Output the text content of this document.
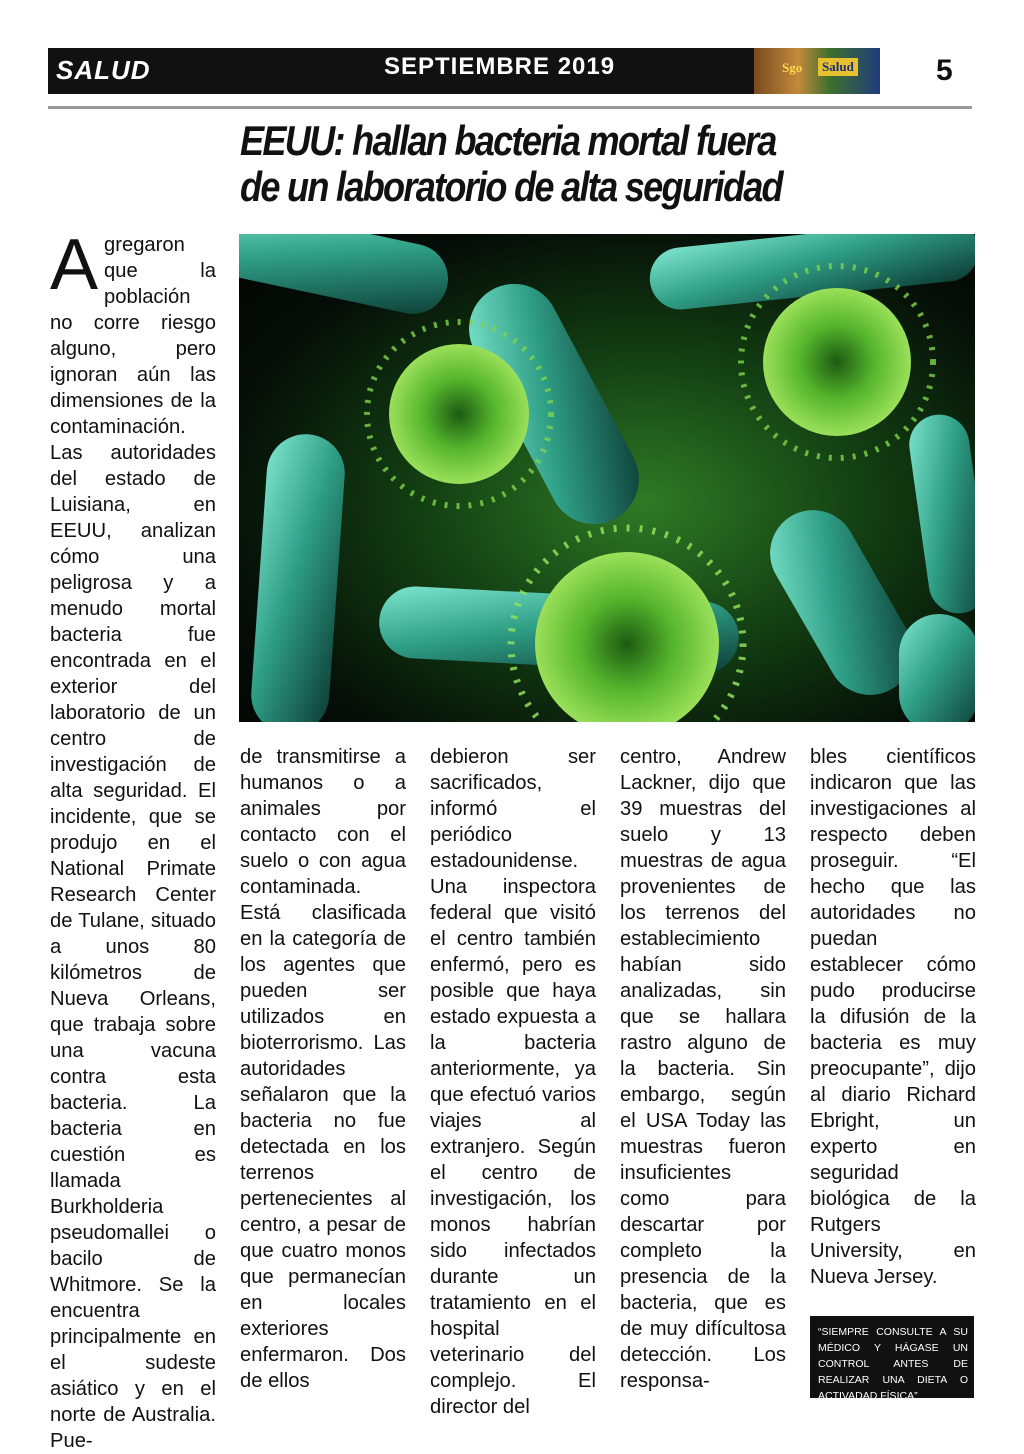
SALUD	SEPTIEMBRE 2019	Sgo	Salud	5
EEUU: hallan bacteria mortal fuera
de un laboratorio de alta seguridad
A gregaron que la población no corre riesgo alguno, pero ignoran aún las dimensiones de la contaminación. Las autoridades del estado de Luisiana, en EEUU, analizan cómo una peligrosa y a menudo mortal bacteria fue encontrada en el exterior del laboratorio de un centro de investigación de alta seguridad. El incidente, que se produjo en el National Primate Research Center de Tulane, situado a unos 80 kilómetros de Nueva Orleans, que trabaja sobre una vacuna contra esta bacteria. La bacteria en cuestión es llamada Burkholderia pseudomallei o bacilo de Whitmore. Se la encuentra principalmente en el sudeste asiático y en el norte de Australia. Pue-
de transmitirse a humanos o a animales por contacto con el suelo o con agua contaminada. Está clasificada en la categoría de los agentes que pueden ser utilizados en bioterrorismo. Las autoridades señalaron que la bacteria no fue detectada en los terrenos pertenecientes al centro, a pesar de que cuatro monos que permanecían en locales exteriores enfermaron. Dos de ellos
debieron ser sacrificados, informó el periódico estadounidense. Una inspectora federal que visitó el centro también enfermó, pero es posible que haya estado expuesta a la bacteria anteriormente, ya que efectuó varios viajes al extranjero. Según el centro de investigación, los monos habrían sido infectados durante un tratamiento en el hospital veterinario del complejo. El director del
centro, Andrew Lackner, dijo que 39 muestras del suelo y 13 muestras de agua provenientes de los terrenos del establecimiento habían sido analizadas, sin que se hallara rastro alguno de la bacteria. Sin embargo, según el USA Today las muestras fueron insuficientes como para descartar por completo la presencia de la bacteria, que es de muy difícultosa detección. Los responsa-
bles científicos indicaron que las investigaciones al respecto deben proseguir. “El hecho que las autoridades no puedan establecer cómo pudo producirse la difusión de la bacteria es muy preocupante”, dijo al diario Richard Ebright, un experto en seguridad biológica de la Rutgers University, en Nueva Jersey.
“SIEMPRE CONSULTE A SU MÉDICO Y HÁGASE UN CONTROL ANTES DE REALIZAR UNA DIETA O ACTIVADAD FÍSICA”
